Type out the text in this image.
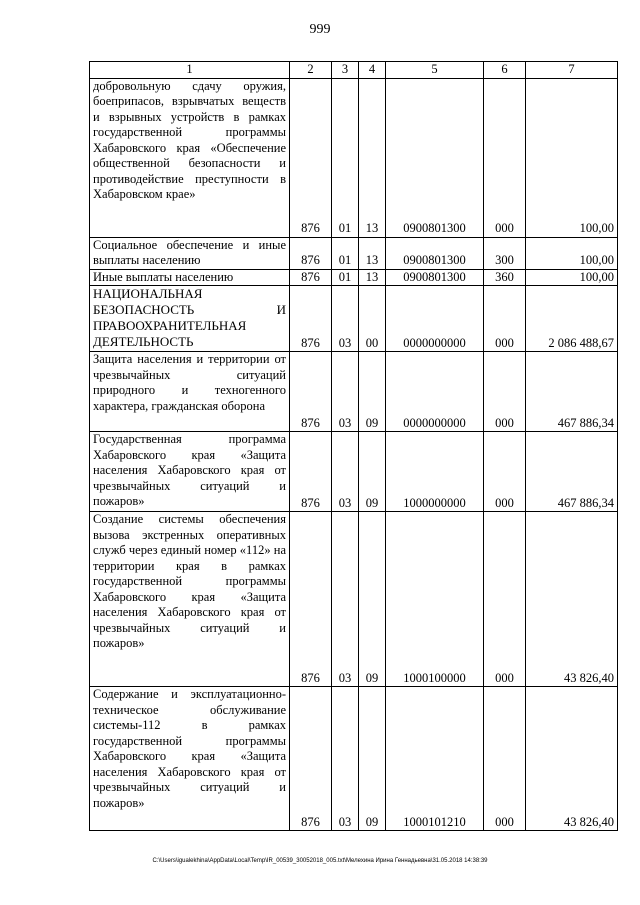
999
1	2	3	4	5	6	7
добровольную сдачу оружия, боеприпасов, взрывчатых веществ и взрывных устройств в рамках государственной программы Хабаровского края «Обеспечение общественной безопасности и противодействие преступности в Хабаровском крае»	876	01	13	0900801300	000	100,00
Социальное обеспечение и иные выплаты населению	876	01	13	0900801300	300	100,00
Иные выплаты населению	876	01	13	0900801300	360	100,00
НАЦИОНАЛЬНАЯ БЕЗОПАСНОСТЬ И ПРАВООХРАНИТЕЛЬНАЯ ДЕЯТЕЛЬНОСТЬ	876	03	00	0000000000	000	2 086 488,67
Защита населения и территории от чрезвычайных ситуаций природного и техногенного характера, гражданская оборона	876	03	09	0000000000	000	467 886,34
Государственная программа Хабаровского края «Защита населения Хабаровского края от чрезвычайных ситуаций и пожаров»	876	03	09	1000000000	000	467 886,34
Создание системы обеспечения вызова экстренных оперативных служб через единый номер «112» на территории края в рамках государственной программы Хабаровского края «Защита населения Хабаровского края от чрезвычайных ситуаций и пожаров»	876	03	09	1000100000	000	43 826,40
Содержание и эксплуатационно-техническое обслуживание системы-112 в рамках государственной программы Хабаровского края «Защита населения Хабаровского края от чрезвычайных ситуаций и пожаров»	876	03	09	1000101210	000	43 826,40
C:\Users\igualekhina\AppData\Local\Temp\IR_00539_30052018_005.txt\Мелехина Ирина Геннадьевна\31.05.2018 14:38:39
